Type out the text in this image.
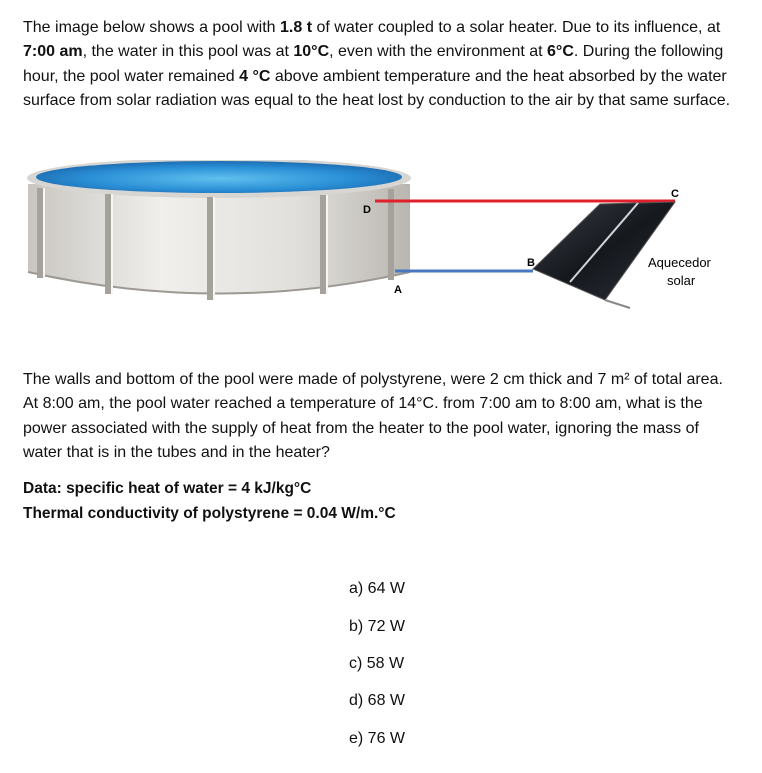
The image below shows a pool with 1.8 t of water coupled to a solar heater. Due to its influence, at 7:00 am, the water in this pool was at 10°C, even with the environment at 6°C. During the following hour, the pool water remained 4 °C above ambient temperature and the heat absorbed by the water surface from solar radiation was equal to the heat lost by conduction to the air by that same surface.

D
A
B
C
Aquecedor
solar

The walls and bottom of the pool were made of polystyrene, were 2 cm thick and 7 m² of total area. At 8:00 am, the pool water reached a temperature of 14°C. from 7:00 am to 8:00 am, what is the power associated with the supply of heat from the heater to the pool water, ignoring the mass of water that is in the tubes and in the heater?

Data: specific heat of water = 4 kJ/kg°C

Thermal conductivity of polystyrene = 0.04 W/m.°C

a) 64 W

b) 72 W

c) 58 W

d) 68 W

e) 76 W
